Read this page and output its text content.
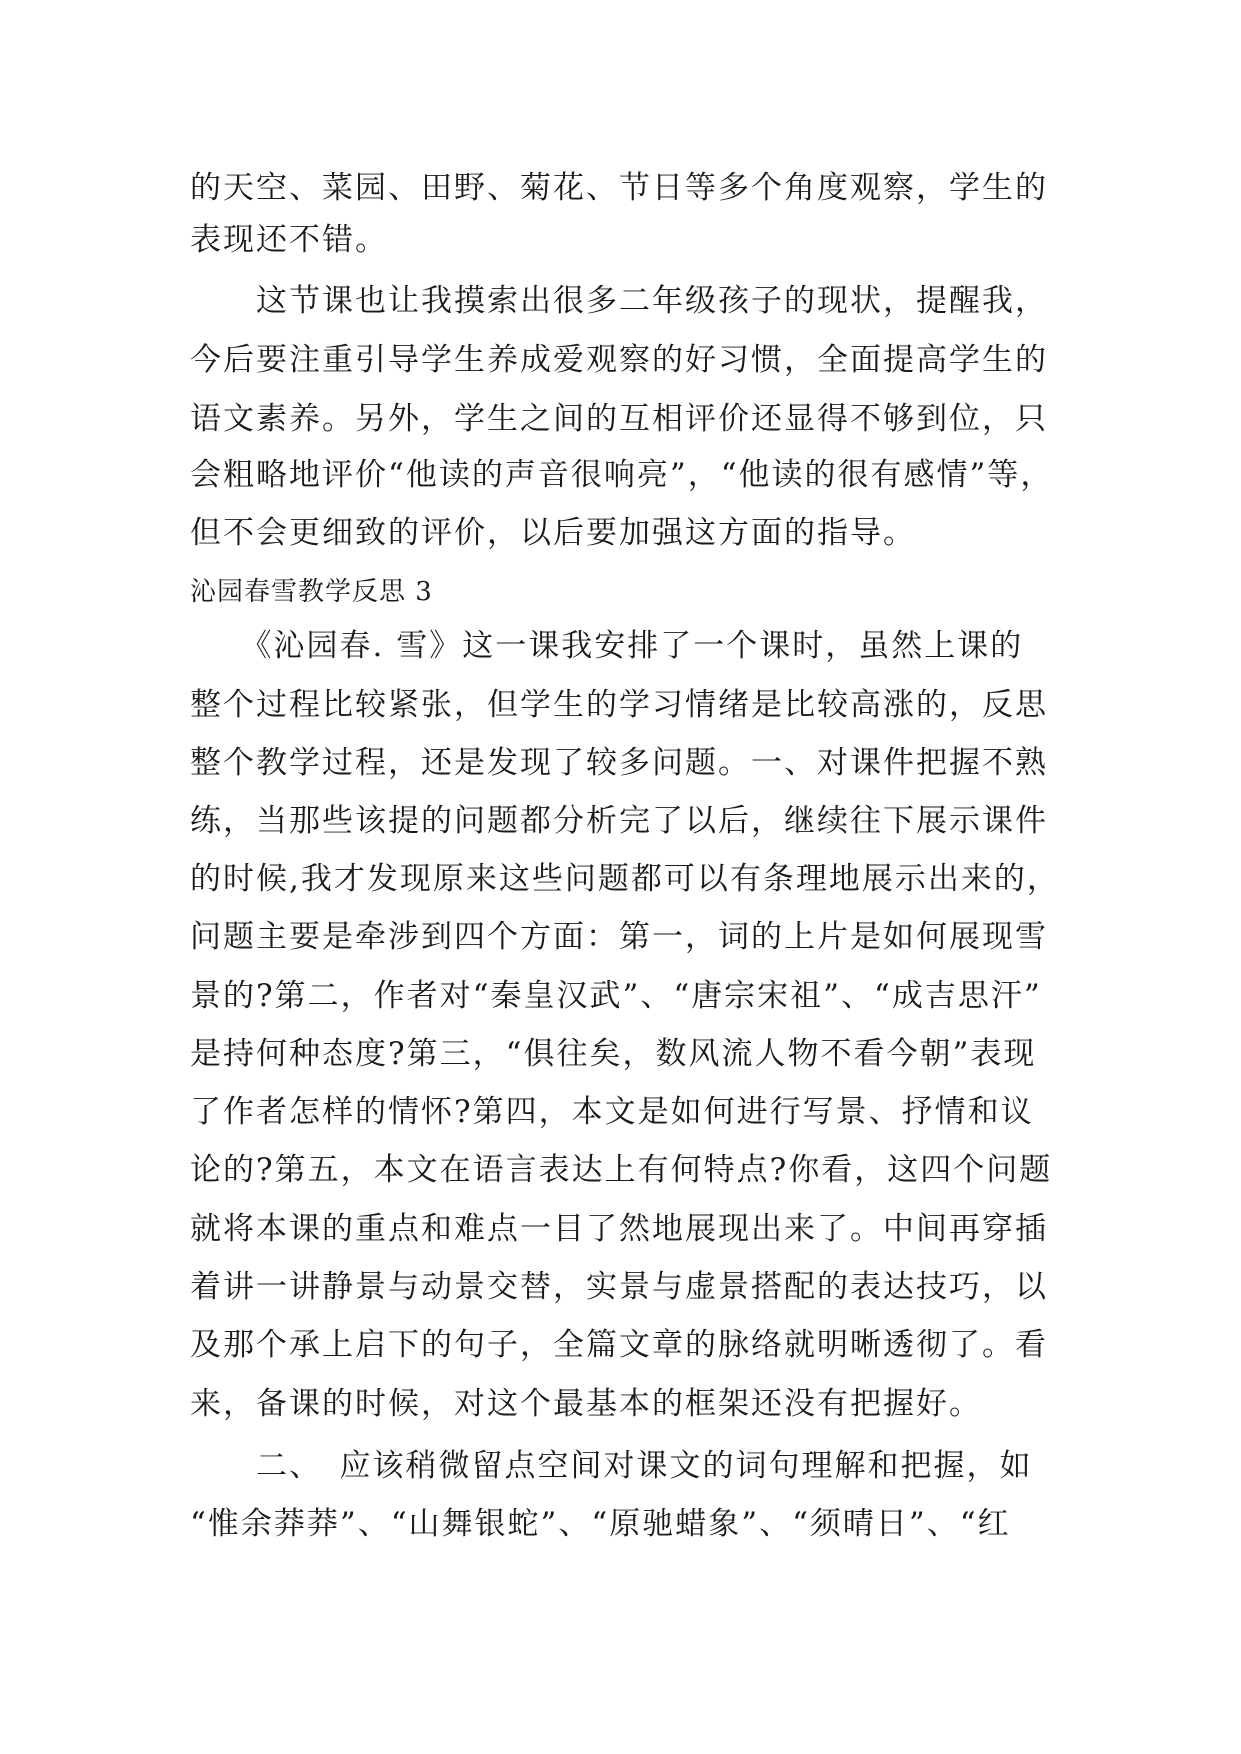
的天空、菜园、田野、菊花、节日等多个角度观察，学生的

表现还不错。

　　这节课也让我摸索出很多二年级孩子的现状，提醒我，

今后要注重引导学生养成爱观察的好习惯，全面提高学生的

语文素养。另外，学生之间的互相评价还显得不够到位，只

会粗略地评价“他读的声音很响亮”，“他读的很有感情”等，

但不会更细致的评价，以后要加强这方面的指导。

沁园春雪教学反思 3

　　《沁园春. 雪》这一课我安排了一个课时，虽然上课的

整个过程比较紧张，但学生的学习情绪是比较高涨的，反思

整个教学过程，还是发现了较多问题。一、对课件把握不熟

练，当那些该提的问题都分析完了以后，继续往下展示课件

的时候,我才发现原来这些问题都可以有条理地展示出来的，

问题主要是牵涉到四个方面：第一，词的上片是如何展现雪

景的?第二，作者对“秦皇汉武”、“唐宗宋祖”、“成吉思汗”

是持何种态度?第三，“俱往矣，数风流人物不看今朝”表现

了作者怎样的情怀?第四，本文是如何进行写景、抒情和议

论的?第五，本文在语言表达上有何特点?你看，这四个问题

就将本课的重点和难点一目了然地展现出来了。中间再穿插

着讲一讲静景与动景交替，实景与虚景搭配的表达技巧，以

及那个承上启下的句子，全篇文章的脉络就明晰透彻了。看

来，备课的时候，对这个最基本的框架还没有把握好。

　　二、　应该稍微留点空间对课文的词句理解和把握，如

“惟余莽莽”、“山舞银蛇”、“原驰蜡象”、“须晴日”、“红
